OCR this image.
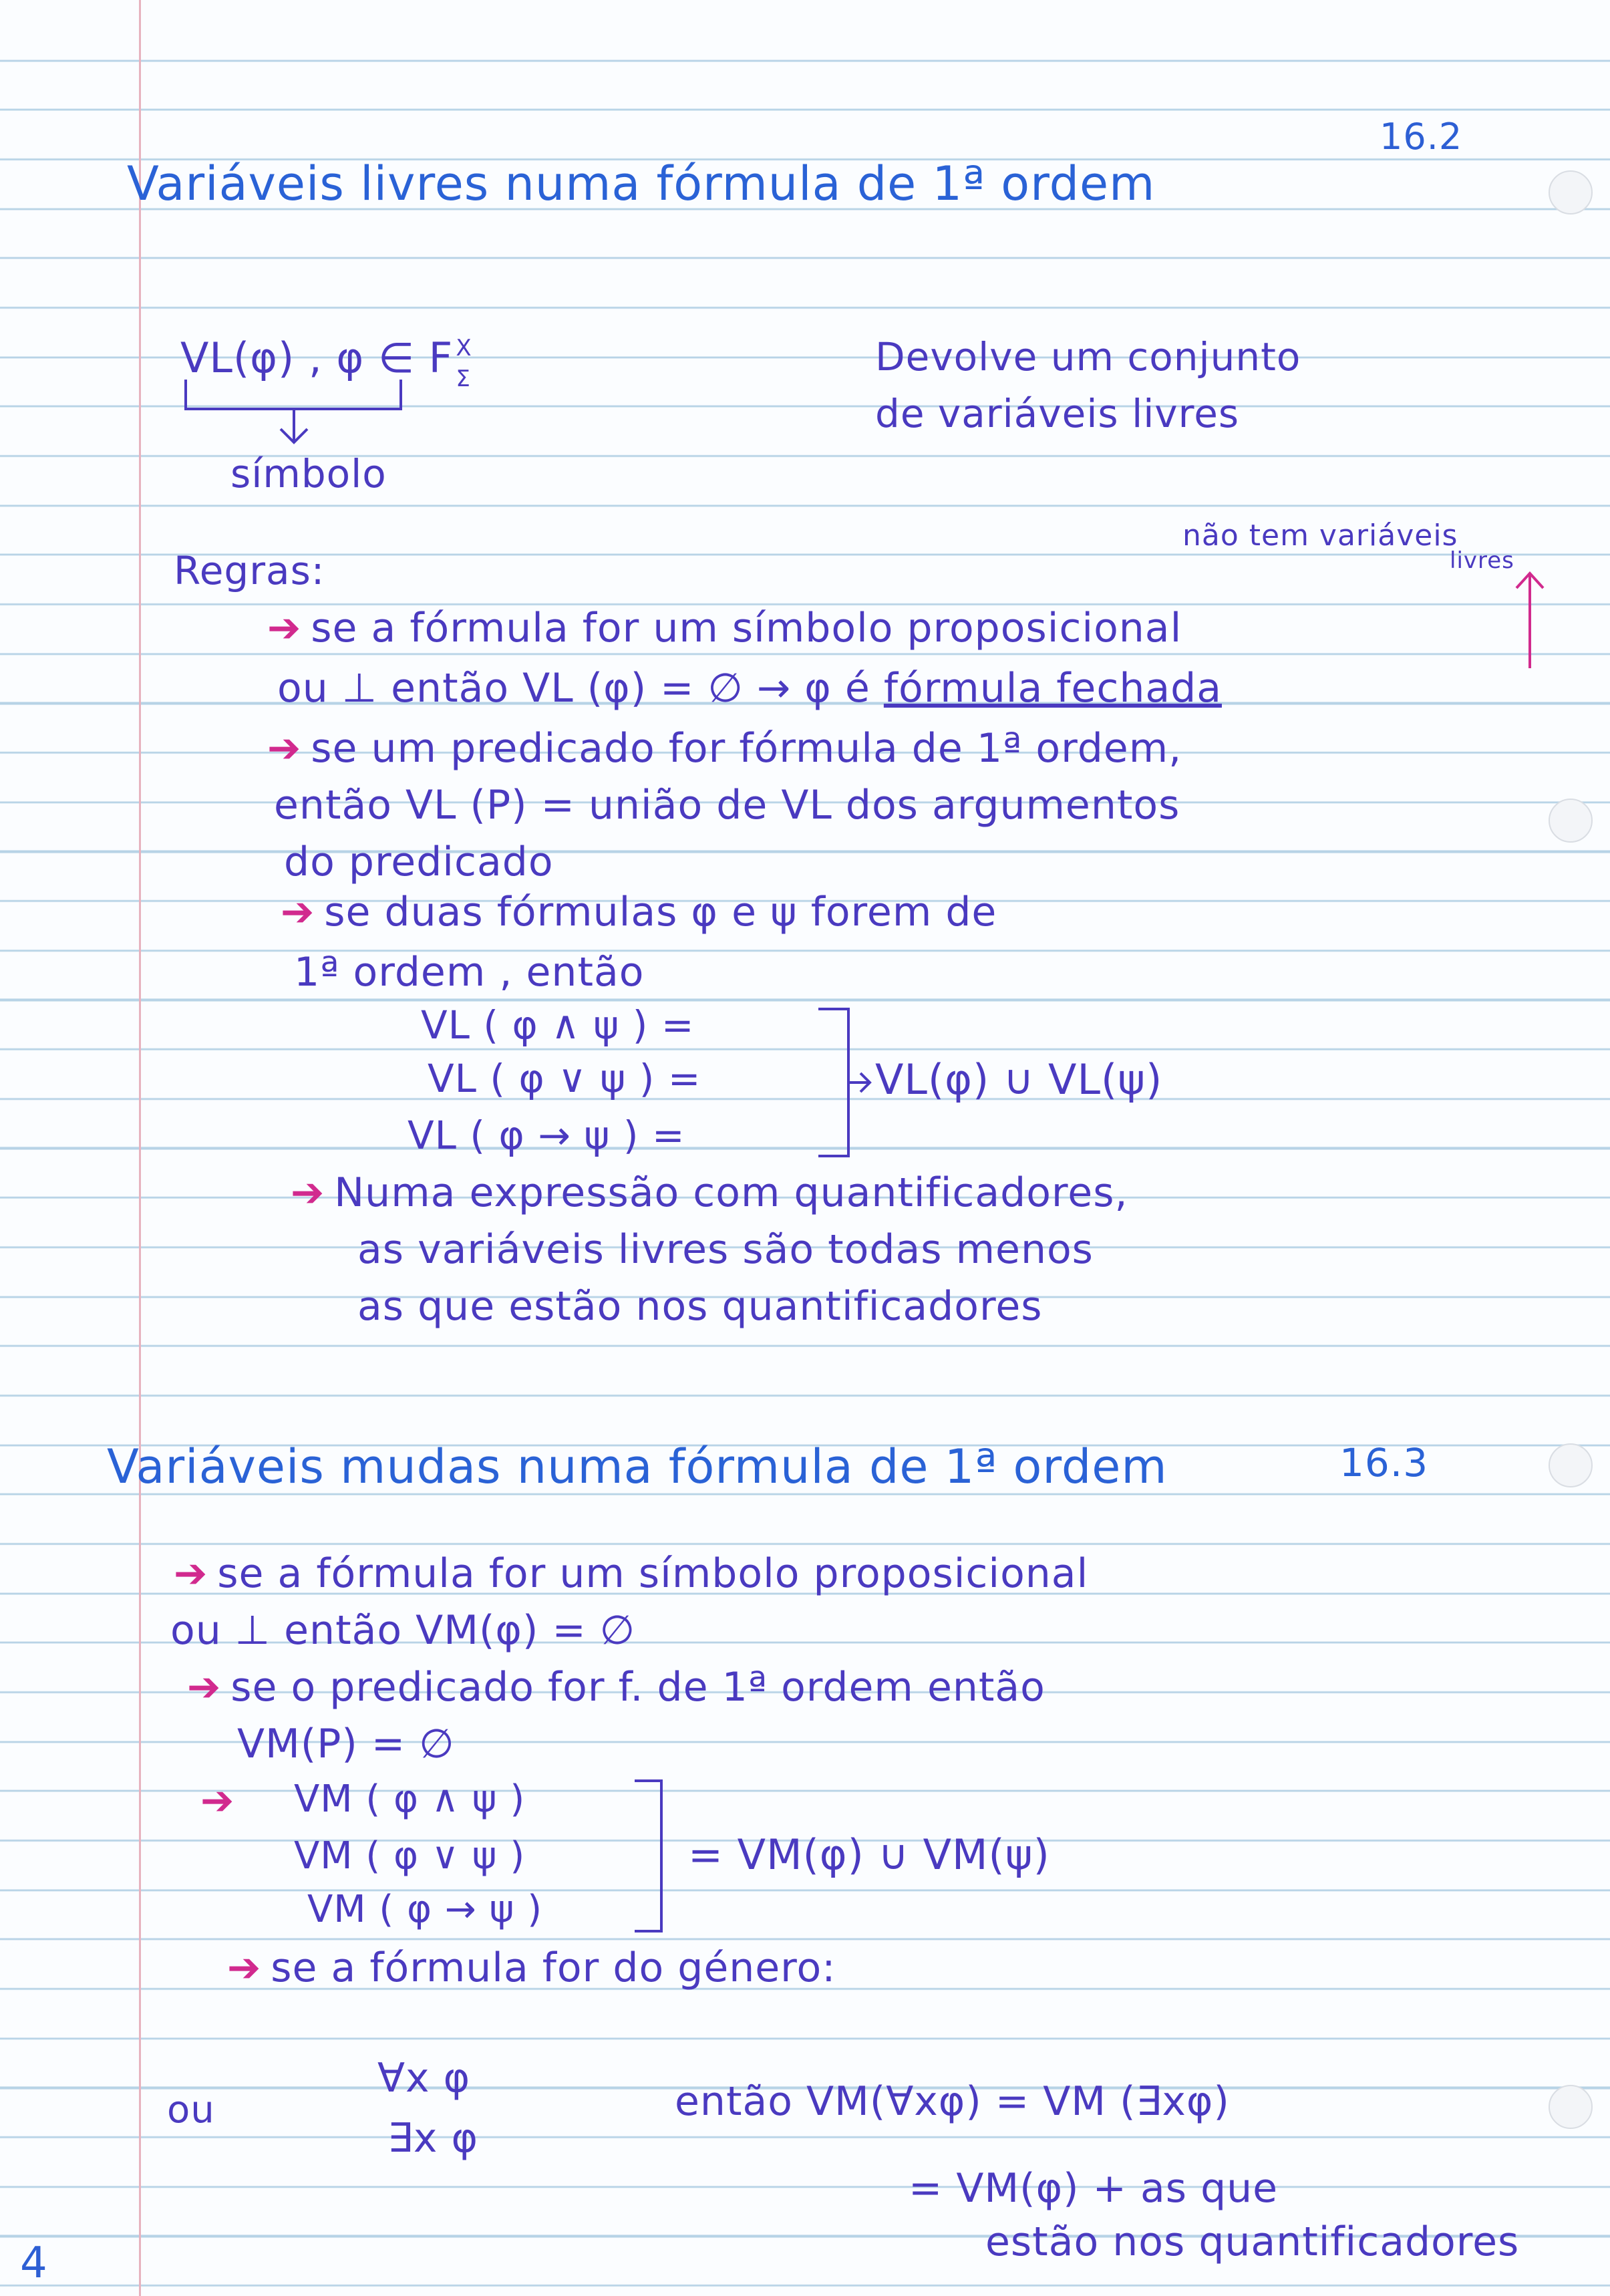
16.2
Variáveis livres numa fórmula de 1ª ordem
VL(φ) , φ ∈ F X
Σ
símbolo
Devolve um conjunto
de variáveis livres
não tem variáveis
livres
Regras:
➔ se a fórmula for um símbolo proposicional
ou ⊥ então VL (φ) = ∅ → φ é fórmula fechada
➔ se um predicado for fórmula de 1ª ordem,
então VL (P) = união de VL dos argumentos
do predicado
➔ se duas fórmulas φ e ψ forem de
1ª ordem , então
VL ( φ ∧ ψ ) =
VL ( φ ∨ ψ ) =
VL ( φ → ψ ) =
VL(φ) ∪ VL(ψ)
➔ Numa expressão com quantificadores,
as variáveis livres são todas menos
as que estão nos quantificadores
Variáveis mudas numa fórmula de 1ª ordem	16.3
➔ se a fórmula for um símbolo proposicional
ou ⊥ então VM(φ) = ∅
➔ se o predicado for f. de 1ª ordem então
VM(P) = ∅
➔ VM ( φ ∧ ψ )
VM ( φ ∨ ψ )
VM ( φ → ψ )
= VM(φ) ∪ VM(ψ)
➔ se a fórmula for do género:
ou
∀x φ
∃x φ
então VM(∀xφ) = VM (∃xφ)
= VM(φ) + as que
estão nos quantificadores
4
